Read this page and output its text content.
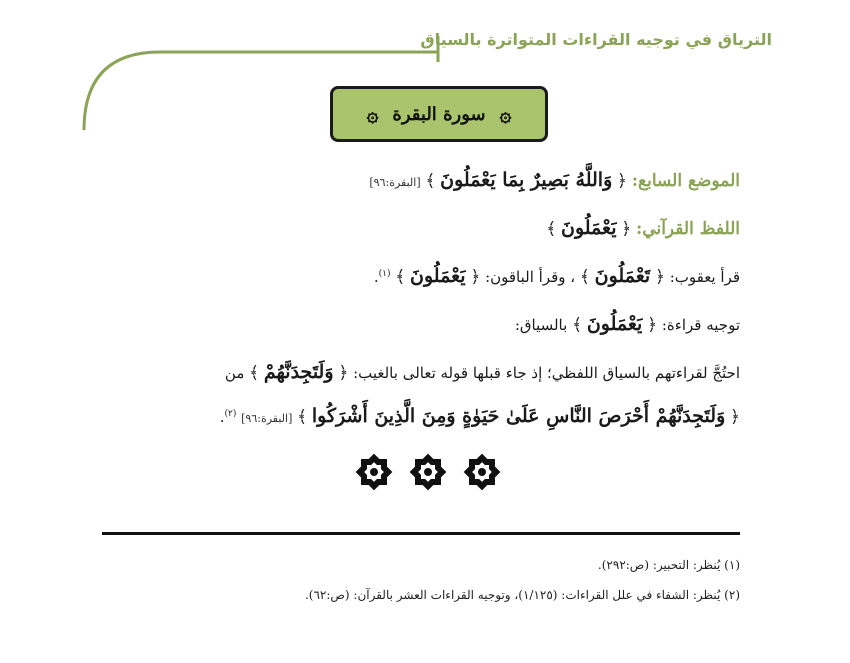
الترياق في توجيه القراءات المتواترة بالسياق
۞
سورة البقرة
۞
الموضع السابع: ﴿ وَاللَّهُ بَصِيرٌ بِمَا يَعْمَلُونَ ﴾ [البقرة:٩٦]
اللفظ القرآني: ﴿ يَعْمَلُونَ ﴾
قرأ يعقوب: ﴿ تَعْمَلُونَ ﴾ ، وقرأ الباقون: ﴿ يَعْمَلُونَ ﴾ $^{(١)}$.
توجيه قراءة: ﴿ يَعْمَلُونَ ﴾ بالسياق:
احتُجَّ لقراءتهم بالسياق اللفظي؛ إذ جاء قبلها قوله تعالى بالغيب: ﴿ وَلَتَجِدَنَّهُمْ ﴾ من
﴿ وَلَتَجِدَنَّهُمْ أَحْرَصَ النَّاسِ عَلَىٰ حَيَوٰةٍ وَمِنَ الَّذِينَ أَشْرَكُوا ﴾ [البقرة:٩٦] $^{(٢)}$.
(١) يُنظر: التحبير: (ص:٢٩٢).
(٢) يُنظر: الشفاء في علل القراءات: (١/١٢٥)، وتوجيه القراءات العشر بالقرآن: (ص:٦٢).
